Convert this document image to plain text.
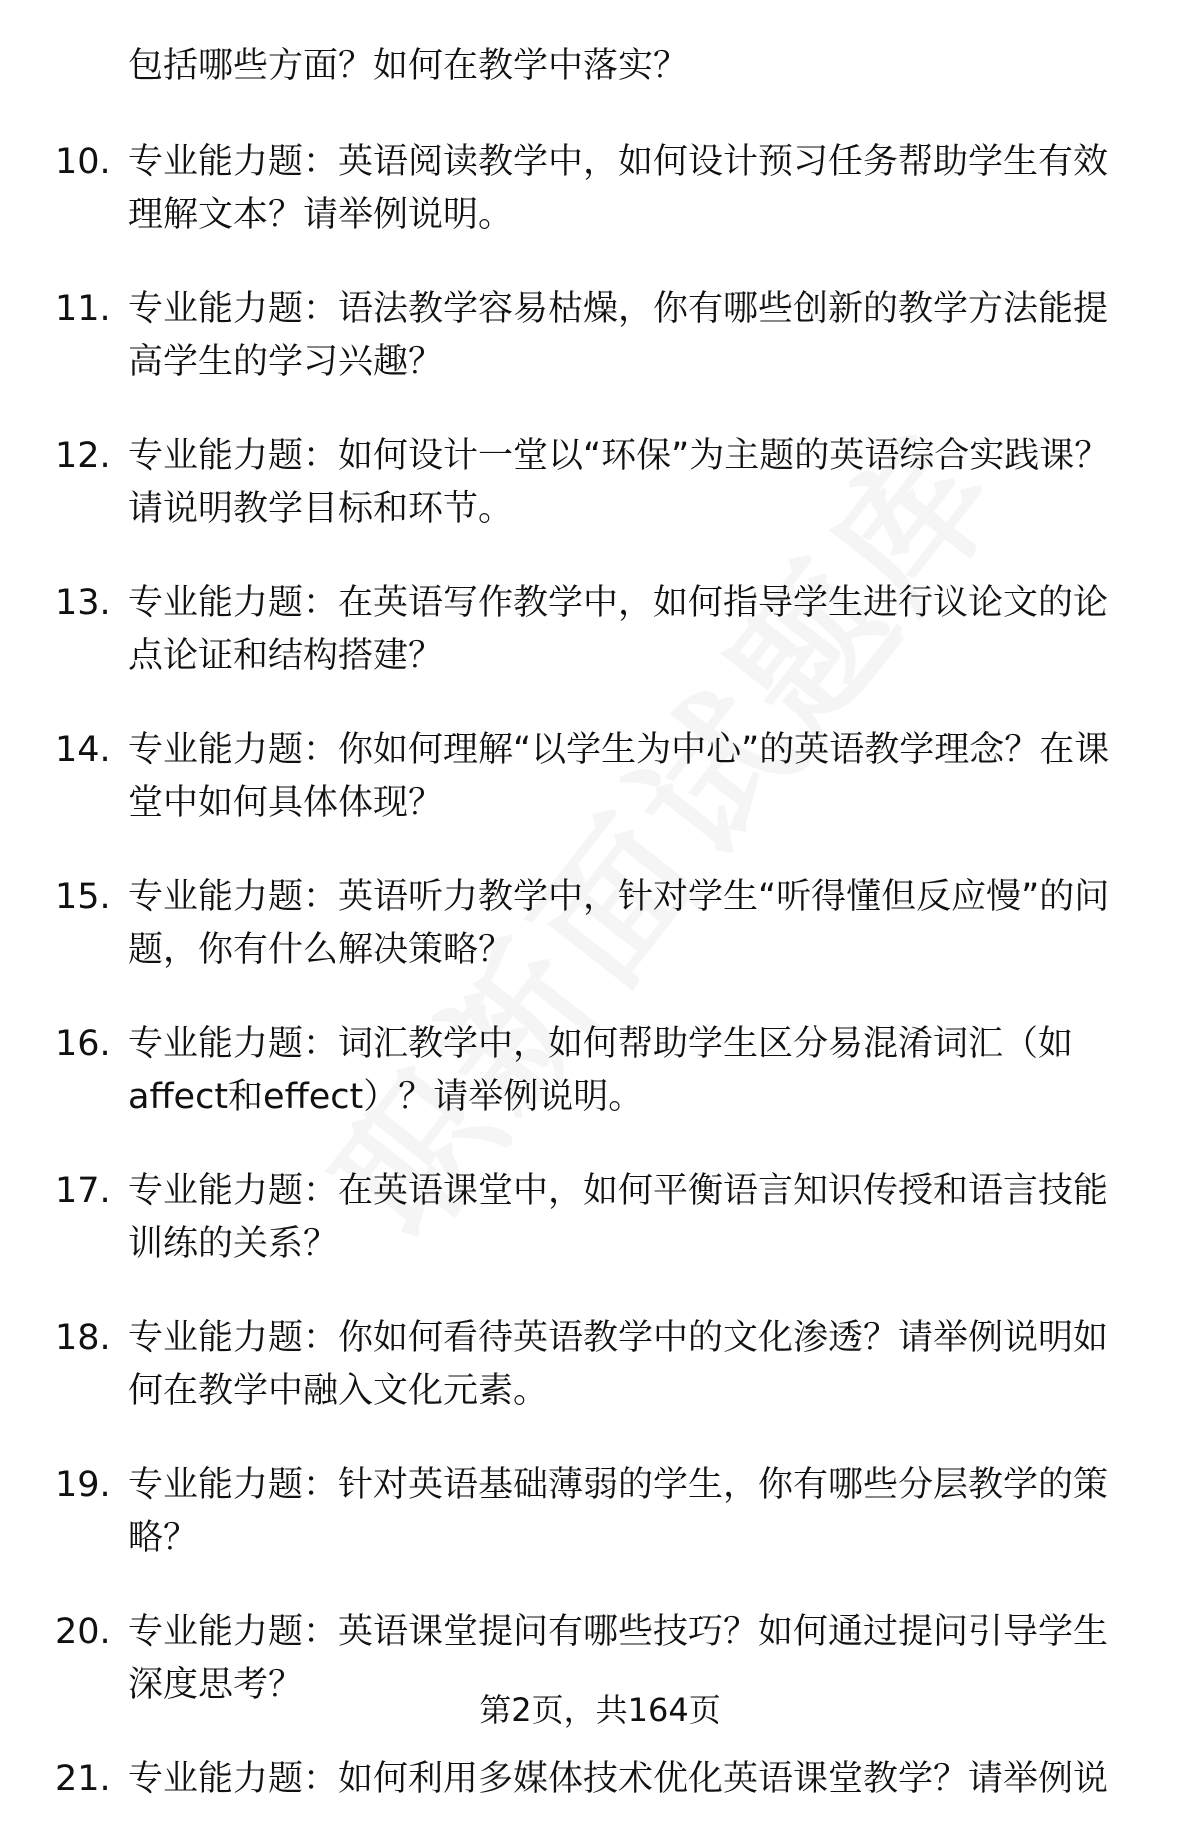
包括哪些方面？如何在教学中落实？
10. 专业能力题：英语阅读教学中，如何设计预习任务帮助学生有效理解文本？请举例说明。
11. 专业能力题：语法教学容易枯燥，你有哪些创新的教学方法能提高学生的学习兴趣？
12. 专业能力题：如何设计一堂以“环保”为主题的英语综合实践课？请说明教学目标和环节。
13. 专业能力题：在英语写作教学中，如何指导学生进行议论文的论点论证和结构搭建？
14. 专业能力题：你如何理解“以学生为中心”的英语教学理念？在课堂中如何具体体现？
15. 专业能力题：英语听力教学中，针对学生“听得懂但反应慢”的问题，你有什么解决策略？
16. 专业能力题：词汇教学中，如何帮助学生区分易混淆词汇（如affect和effect）？请举例说明。
17. 专业能力题：在英语课堂中，如何平衡语言知识传授和语言技能训练的关系？
18. 专业能力题：你如何看待英语教学中的文化渗透？请举例说明如何在教学中融入文化元素。
19. 专业能力题：针对英语基础薄弱的学生，你有哪些分层教学的策略？
20. 专业能力题：英语课堂提问有哪些技巧？如何通过提问引导学生深度思考？
21. 专业能力题：如何利用多媒体技术优化英语课堂教学？请举例说
第2页，共164页
